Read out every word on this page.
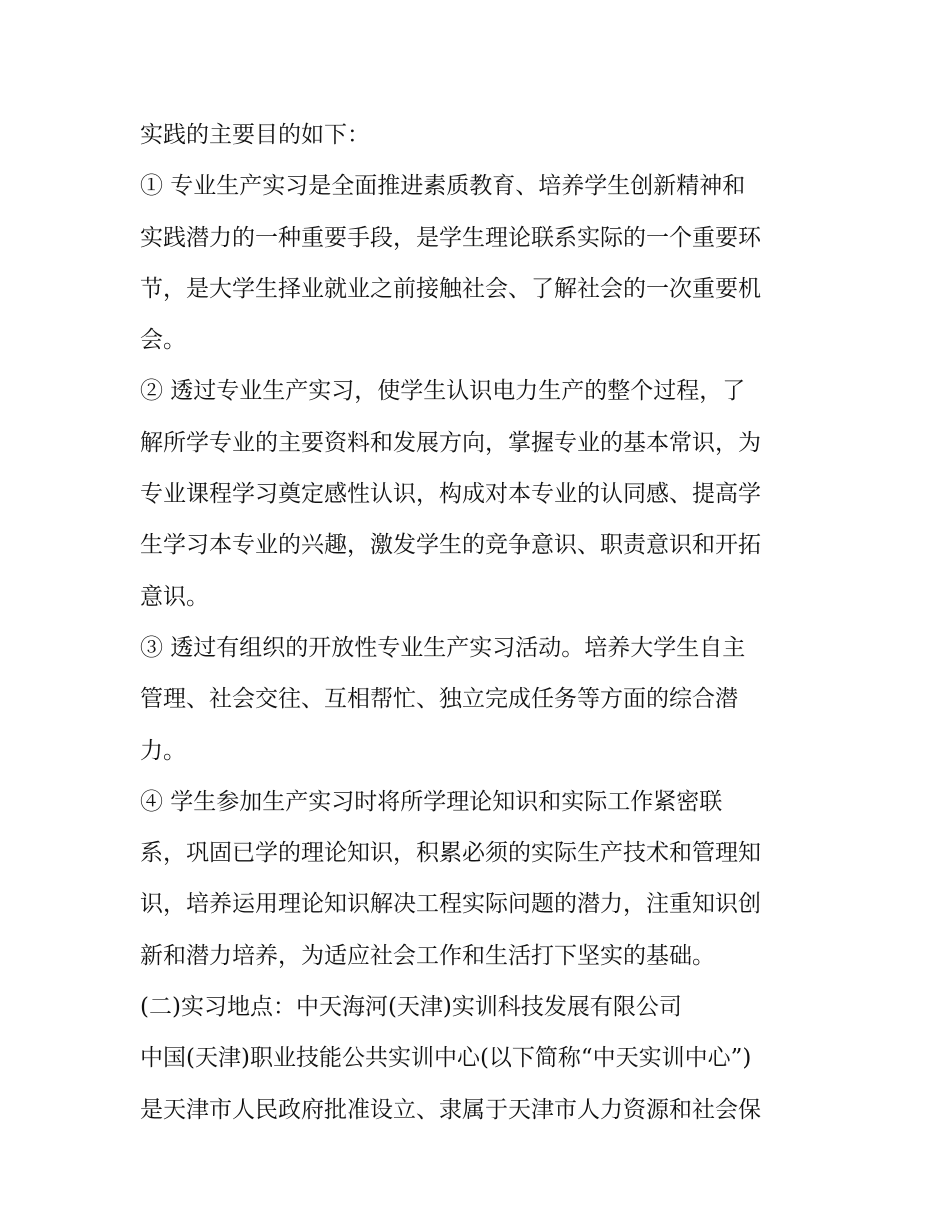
实践的主要目的如下：
① 专业生产实习是全面推进素质教育、培养学生创新精神和
实践潜力的一种重要手段，是学生理论联系实际的一个重要环
节，是大学生择业就业之前接触社会、了解社会的一次重要机
会。
② 透过专业生产实习，使学生认识电力生产的整个过程，了
解所学专业的主要资料和发展方向，掌握专业的基本常识，为
专业课程学习奠定感性认识，构成对本专业的认同感、提高学
生学习本专业的兴趣，激发学生的竞争意识、职责意识和开拓
意识。
③ 透过有组织的开放性专业生产实习活动。培养大学生自主
管理、社会交往、互相帮忙、独立完成任务等方面的综合潜
力。
④ 学生参加生产实习时将所学理论知识和实际工作紧密联
系，巩固已学的理论知识，积累必须的实际生产技术和管理知
识，培养运用理论知识解决工程实际问题的潜力，注重知识创
新和潜力培养，为适应社会工作和生活打下坚实的基础。
(二)实习地点：中天海河(天津)实训科技发展有限公司
中国(天津)职业技能公共实训中心(以下简称“中天实训中心”)
是天津市人民政府批准设立、隶属于天津市人力资源和社会保
